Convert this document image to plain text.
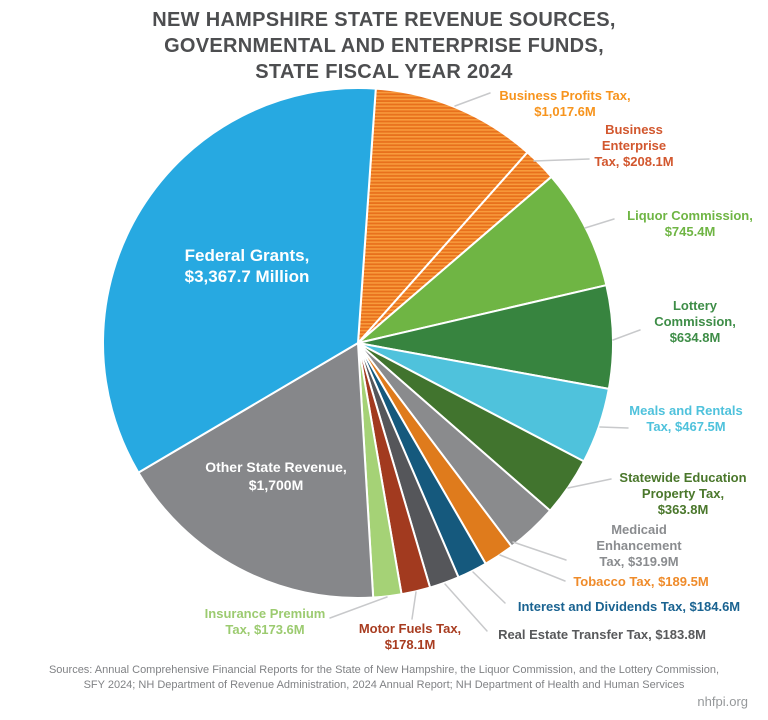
NEW HAMPSHIRE STATE REVENUE SOURCES,
GOVERNMENTAL AND ENTERPRISE FUNDS,
STATE FISCAL YEAR 2024
Federal Grants,
$3,367.7 Million
Other State Revenue,
$1,700M
Business Profits Tax,
$1,017.6M
Business
Enterprise
Tax, $208.1M
Liquor Commission,
$745.4M
Lottery
Commission,
$634.8M
Meals and Rentals
Tax, $467.5M
Statewide Education
Property Tax,
$363.8M
Medicaid
Enhancement
Tax, $319.9M
Tobacco Tax, $189.5M
Interest and Dividends Tax, $184.6M
Real Estate Transfer Tax, $183.8M
Motor Fuels Tax,
$178.1M
Insurance Premium
Tax, $173.6M
Sources: Annual Comprehensive Financial Reports for the State of New Hampshire, the Liquor Commission, and the Lottery Commission,
SFY 2024; NH Department of Revenue Administration, 2024 Annual Report; NH Department of Health and Human Services
nhfpi.org
